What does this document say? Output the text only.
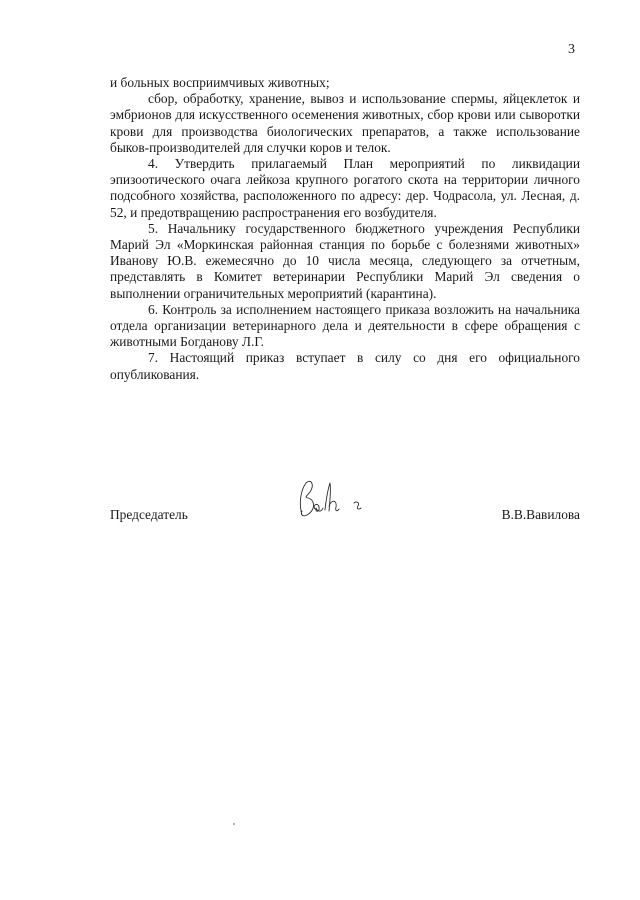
3

и больных восприимчивых животных;

сбор, обработку, хранение, вывоз и использование спермы, яйцеклеток и эмбрионов для искусственного осеменения животных, сбор крови или сыворотки крови для производства биологических препаратов, а также использование быков-производителей для случки коров и телок.

4. Утвердить прилагаемый План мероприятий по ликвидации эпизоотического очага лейкоза крупного рогатого скота на территории личного подсобного хозяйства, расположенного по адресу: дер. Чодрасола, ул. Лесная, д. 52, и предотвращению распространения его возбудителя.

5. Начальнику государственного бюджетного учреждения Республики Марий Эл «Моркинская районная станция по борьбе с болезнями животных» Иванову Ю.В. ежемесячно до 10 числа месяца, следующего за отчетным, представлять в Комитет ветеринарии Республики Марий Эл сведения о выполнении ограничительных мероприятий (карантина).

6. Контроль за исполнением настоящего приказа возложить на начальника отдела организации ветеринарного дела и деятельности в сфере обращения с животными Богданову Л.Г.

7. Настоящий приказ вступает в силу со дня его официального опубликования.

Председатель	В.В.Вавилова
